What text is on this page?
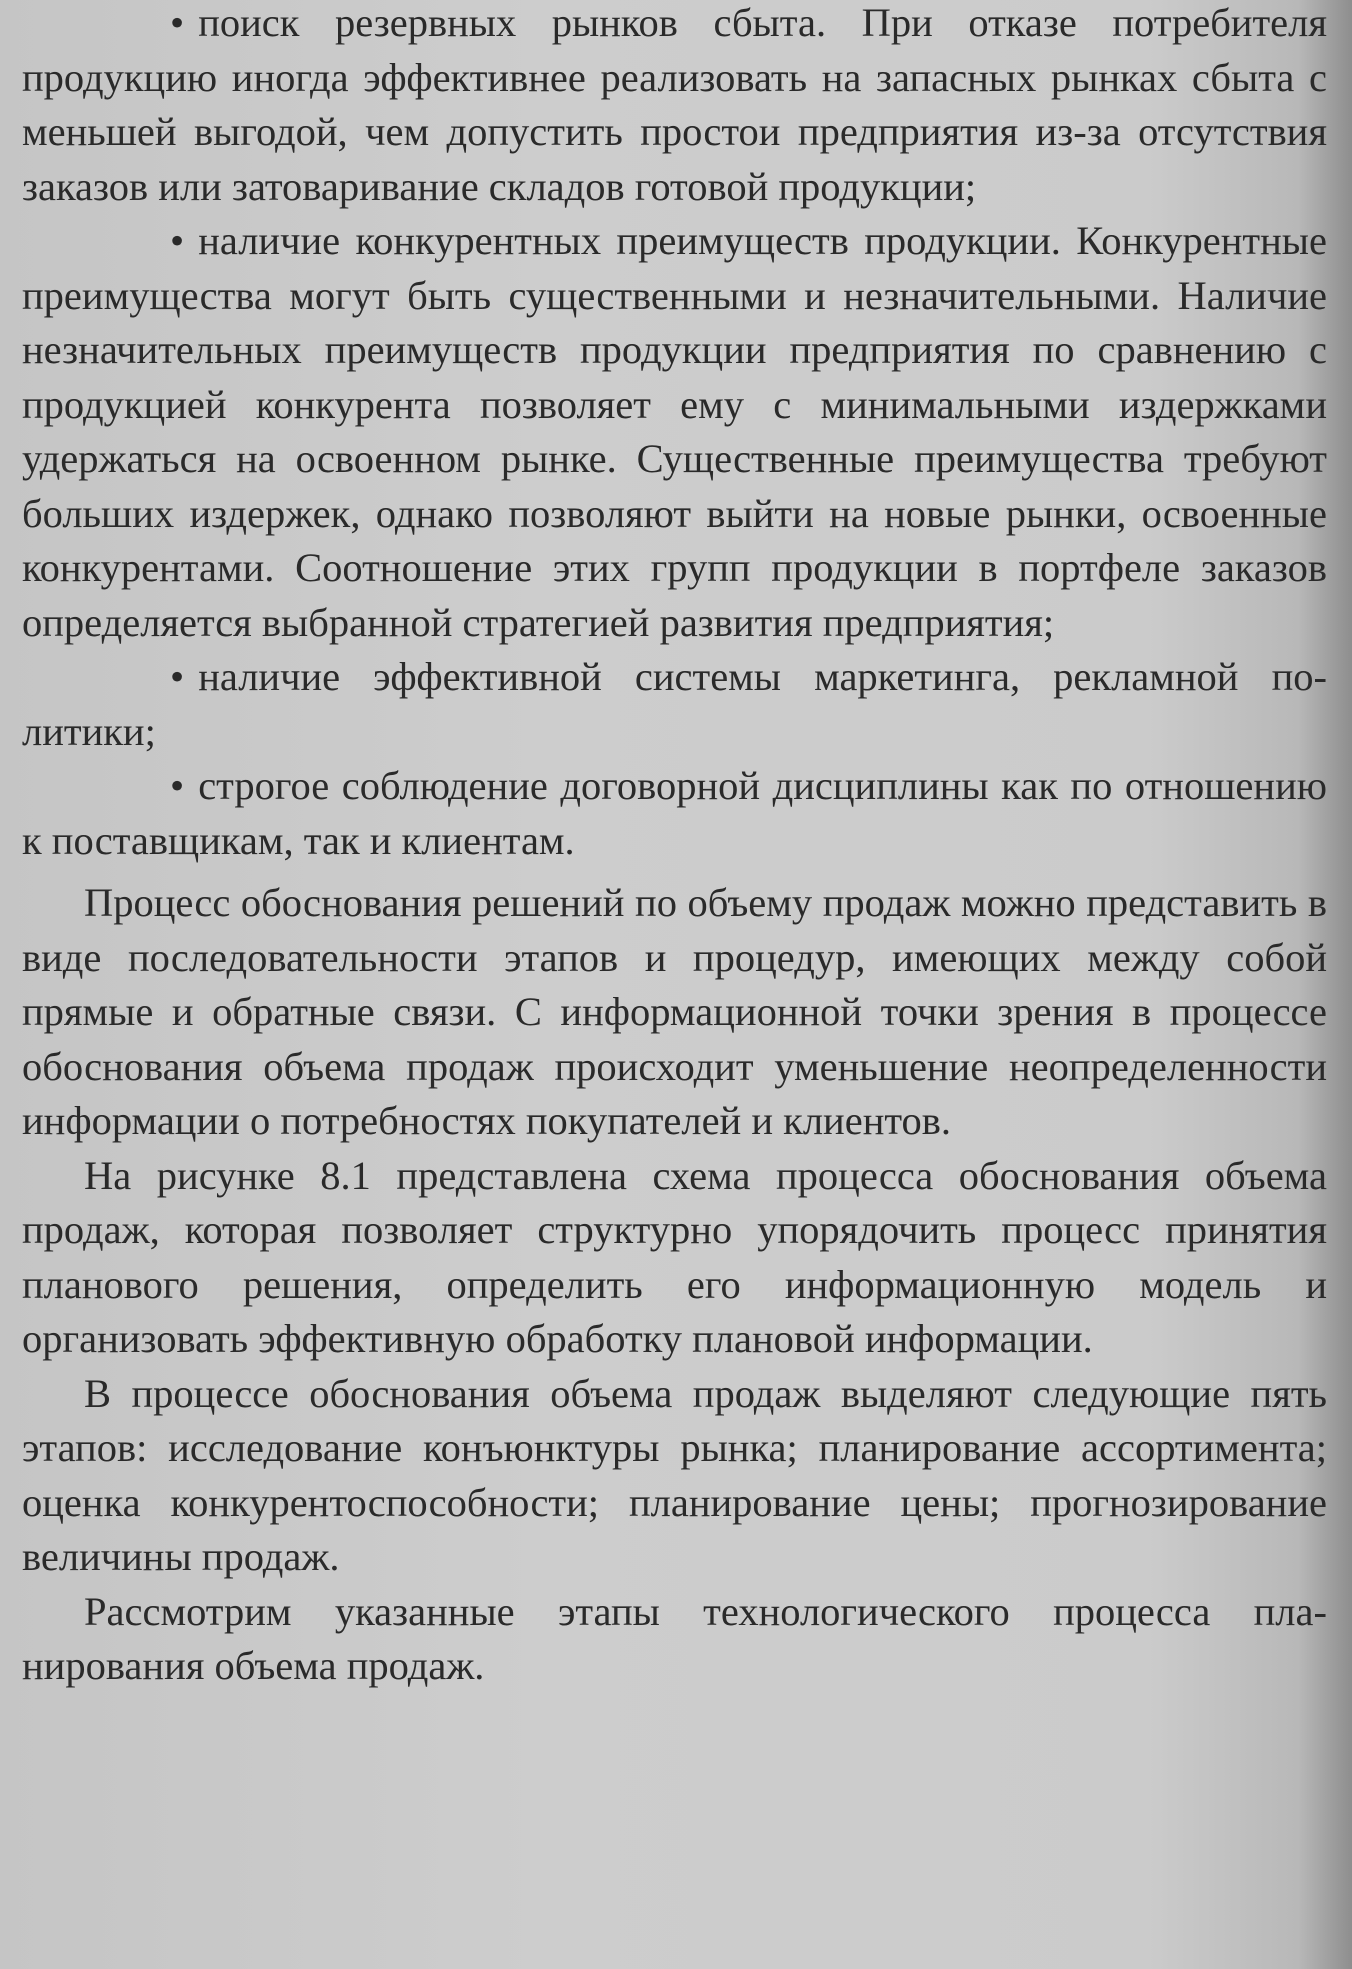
• поиск резервных рынков сбыта. При отказе потребителя продукцию иногда эффективнее реализовать на запасных рынках сбыта с меньшей выгодой, чем допустить простои предприятия из-за отсутствия заказов или затоваривание складов готовой продукции;

• наличие конкурентных преимуществ продукции. Конкурентные преимущества могут быть существенными и незначительными. Наличие незначительных преимуществ продукции предприятия по сравнению с продукцией конкурента позволяет ему с минимальными издержками удержаться на освоенном рынке. Существенные преимущества требуют больших издержек, однако позволяют выйти на новые рынки, освоенные конкурентами. Соотношение этих групп продукции в портфеле заказов определяется выбранной стратегией развития предприятия;

• наличие эффективной системы маркетинга, рекламной политики;

• строгое соблюдение договорной дисциплины как по отношению к поставщикам, так и клиентам.

Процесс обоснования решений по объему продаж можно представить в виде последовательности этапов и процедур, имеющих между собой прямые и обратные связи. С информационной точки зрения в процессе обоснования объема продаж происходит уменьшение неопределенности информации о потребностях покупателей и клиентов.

На рисунке 8.1 представлена схема процесса обоснования объема продаж, которая позволяет структурно упорядочить процесс принятия планового решения, определить его информационную модель и организовать эффективную обработку плановой информации.

В процессе обоснования объема продаж выделяют следующие пять этапов: исследование конъюнктуры рынка; планирование ассортимента; оценка конкурентоспособности; планирование цены; прогнозирование величины продаж.

Рассмотрим указанные этапы технологического процесса планирования объема продаж.
